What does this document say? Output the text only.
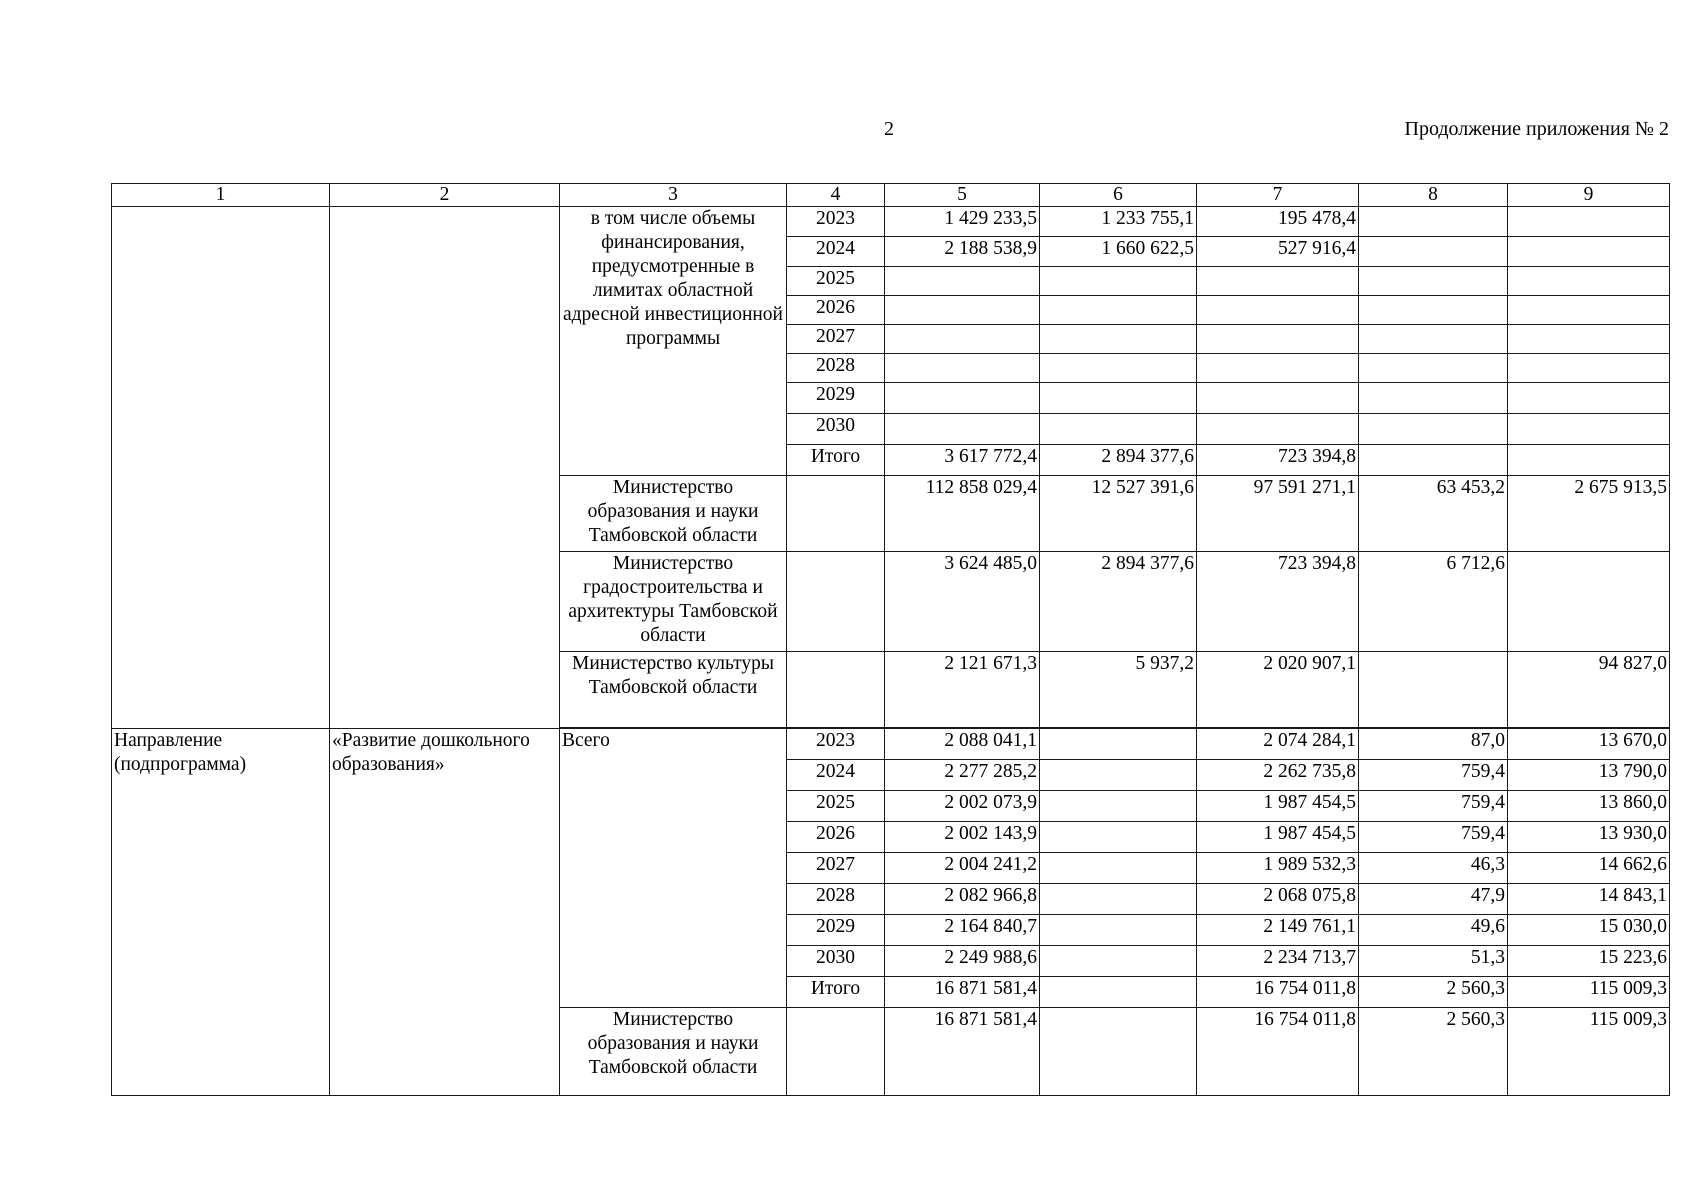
2	Продолжение приложения № 2
1	2	3	4	5	6	7	8	9
		в том числе объемы финансирования, предусмотренные в лимитах областной адресной инвестиционной программы	2023	1 429 233,5	1 233 755,1	195 478,4		
			2024	2 188 538,9	1 660 622,5	527 916,4		
			2025					
			2026					
			2027					
			2028					
			2029					
			2030					
			Итого	3 617 772,4	2 894 377,6	723 394,8		
		Министерство образования и науки Тамбовской области		112 858 029,4	12 527 391,6	97 591 271,1	63 453,2	2 675 913,5
		Министерство градостроительства и архитектуры Тамбовской области		3 624 485,0	2 894 377,6	723 394,8	6 712,6	
		Министерство культуры Тамбовской области		2 121 671,3	5 937,2	2 020 907,1		94 827,0

Направление (подпрограмма)	«Развитие дошкольного образования»	Всего	2023	2 088 041,1		2 074 284,1	87,0	13 670,0
			2024	2 277 285,2		2 262 735,8	759,4	13 790,0
			2025	2 002 073,9		1 987 454,5	759,4	13 860,0
			2026	2 002 143,9		1 987 454,5	759,4	13 930,0
			2027	2 004 241,2		1 989 532,3	46,3	14 662,6
			2028	2 082 966,8		2 068 075,8	47,9	14 843,1
			2029	2 164 840,7		2 149 761,1	49,6	15 030,0
			2030	2 249 988,6		2 234 713,7	51,3	15 223,6
			Итого	16 871 581,4		16 754 011,8	2 560,3	115 009,3
		Министерство образования и науки Тамбовской области		16 871 581,4		16 754 011,8	2 560,3	115 009,3
